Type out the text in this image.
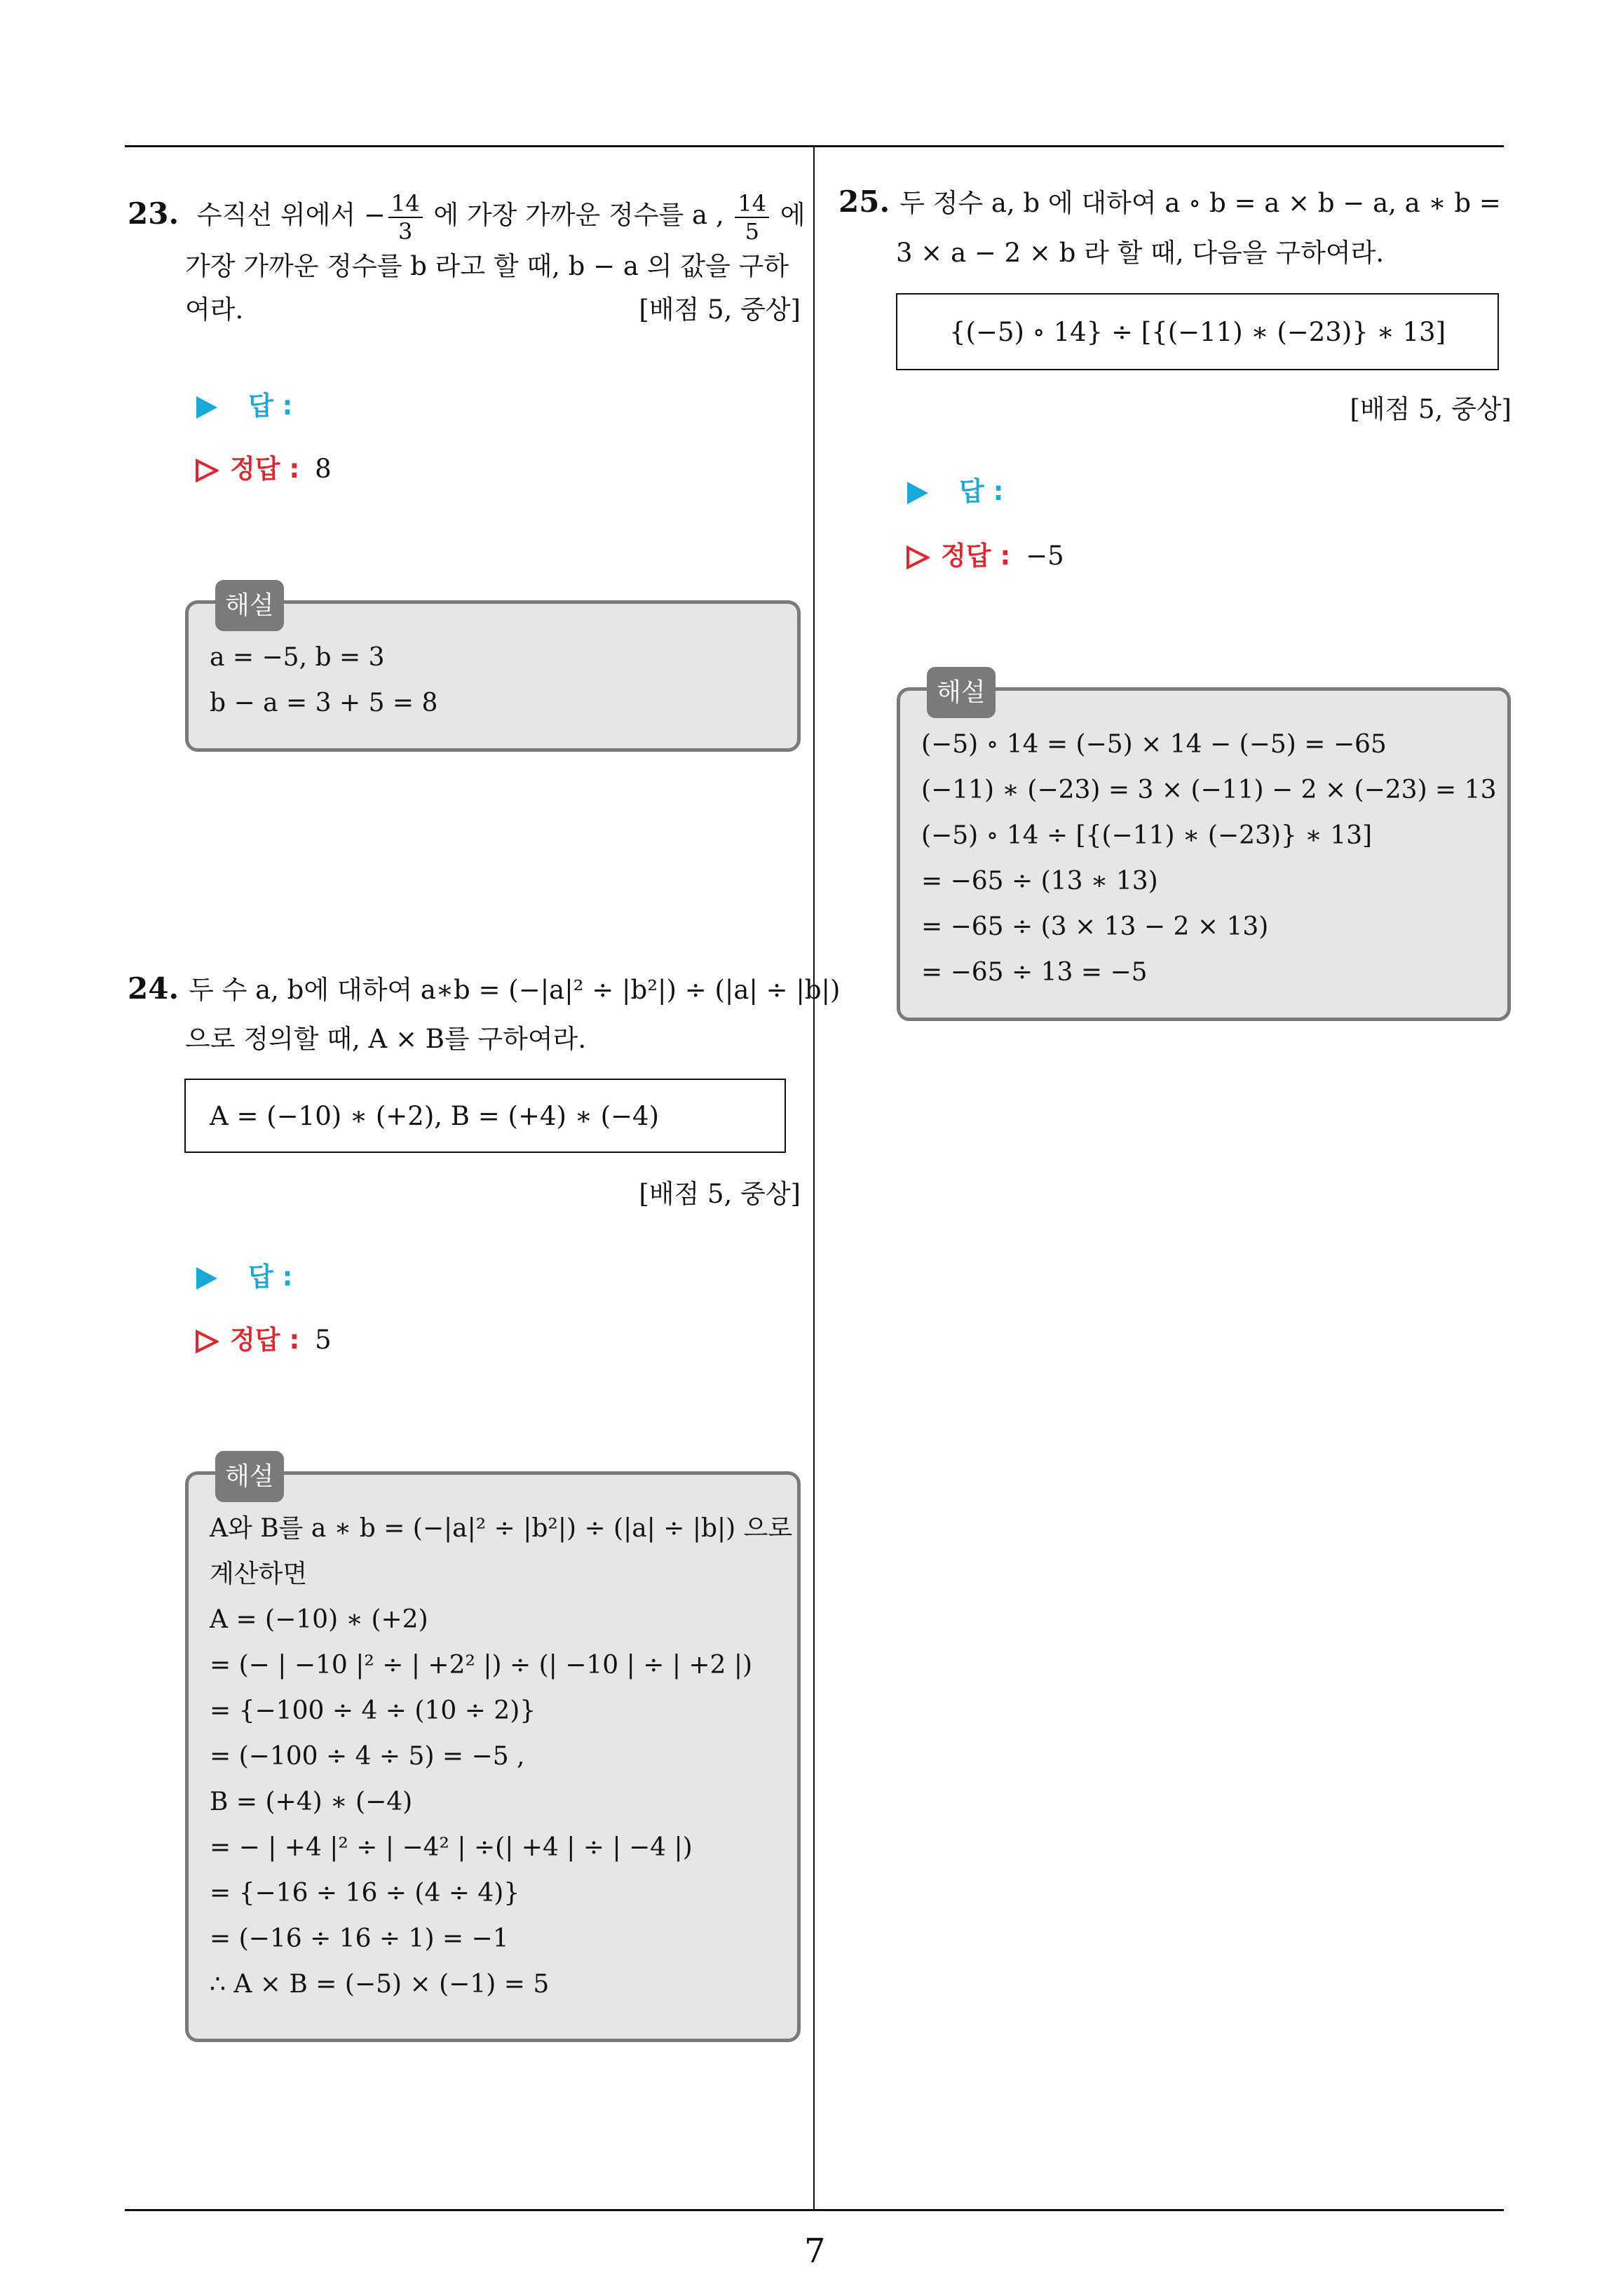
23. 수직선 위에서 − $\frac{14}{3}$ 에 가장 가까운 정수를 a , $\frac{14}{5}$ 에
가장 가까운 정수를 b 라고 할 때, b − a 의 값을 구하
여라.	[배점 5, 중상]
답 :
정답 : 8
해설
a = −5, b = 3
b − a = 3 + 5 = 8
24. 두 수 a, b에 대하여 a∗b = (−|a|² ÷ |b²|) ÷ (|a| ÷ |b|)
으로 정의할 때, A × B를 구하여라.
A = (−10) ∗ (+2), B = (+4) ∗ (−4)
[배점 5, 중상]
답 :
정답 : 5
해설
A와 B를 a ∗ b = (−|a|² ÷ |b²|) ÷ (|a| ÷ |b|) 으로
계산하면
A = (−10) ∗ (+2)
= (− | −10 |² ÷ | +2² |) ÷ (| −10 | ÷ | +2 |)
= {−100 ÷ 4 ÷ (10 ÷ 2)}
= (−100 ÷ 4 ÷ 5) = −5 ,
B = (+4) ∗ (−4)
= − | +4 |² ÷ | −4² | ÷(| +4 | ÷ | −4 |)
= {−16 ÷ 16 ÷ (4 ÷ 4)}
= (−16 ÷ 16 ÷ 1) = −1
∴ A × B = (−5) × (−1) = 5
25. 두 정수 a, b 에 대하여 a ∘ b = a × b − a, a ∗ b =
3 × a − 2 × b 라 할 때, 다음을 구하여라.
{(−5) ∘ 14} ÷ [{(−11) ∗ (−23)} ∗ 13]
[배점 5, 중상]
답 :
정답 : −5
해설
(−5) ∘ 14 = (−5) × 14 − (−5) = −65
(−11) ∗ (−23) = 3 × (−11) − 2 × (−23) = 13
(−5) ∘ 14 ÷ [{(−11) ∗ (−23)} ∗ 13]
= −65 ÷ (13 ∗ 13)
= −65 ÷ (3 × 13 − 2 × 13)
= −65 ÷ 13 = −5
7
